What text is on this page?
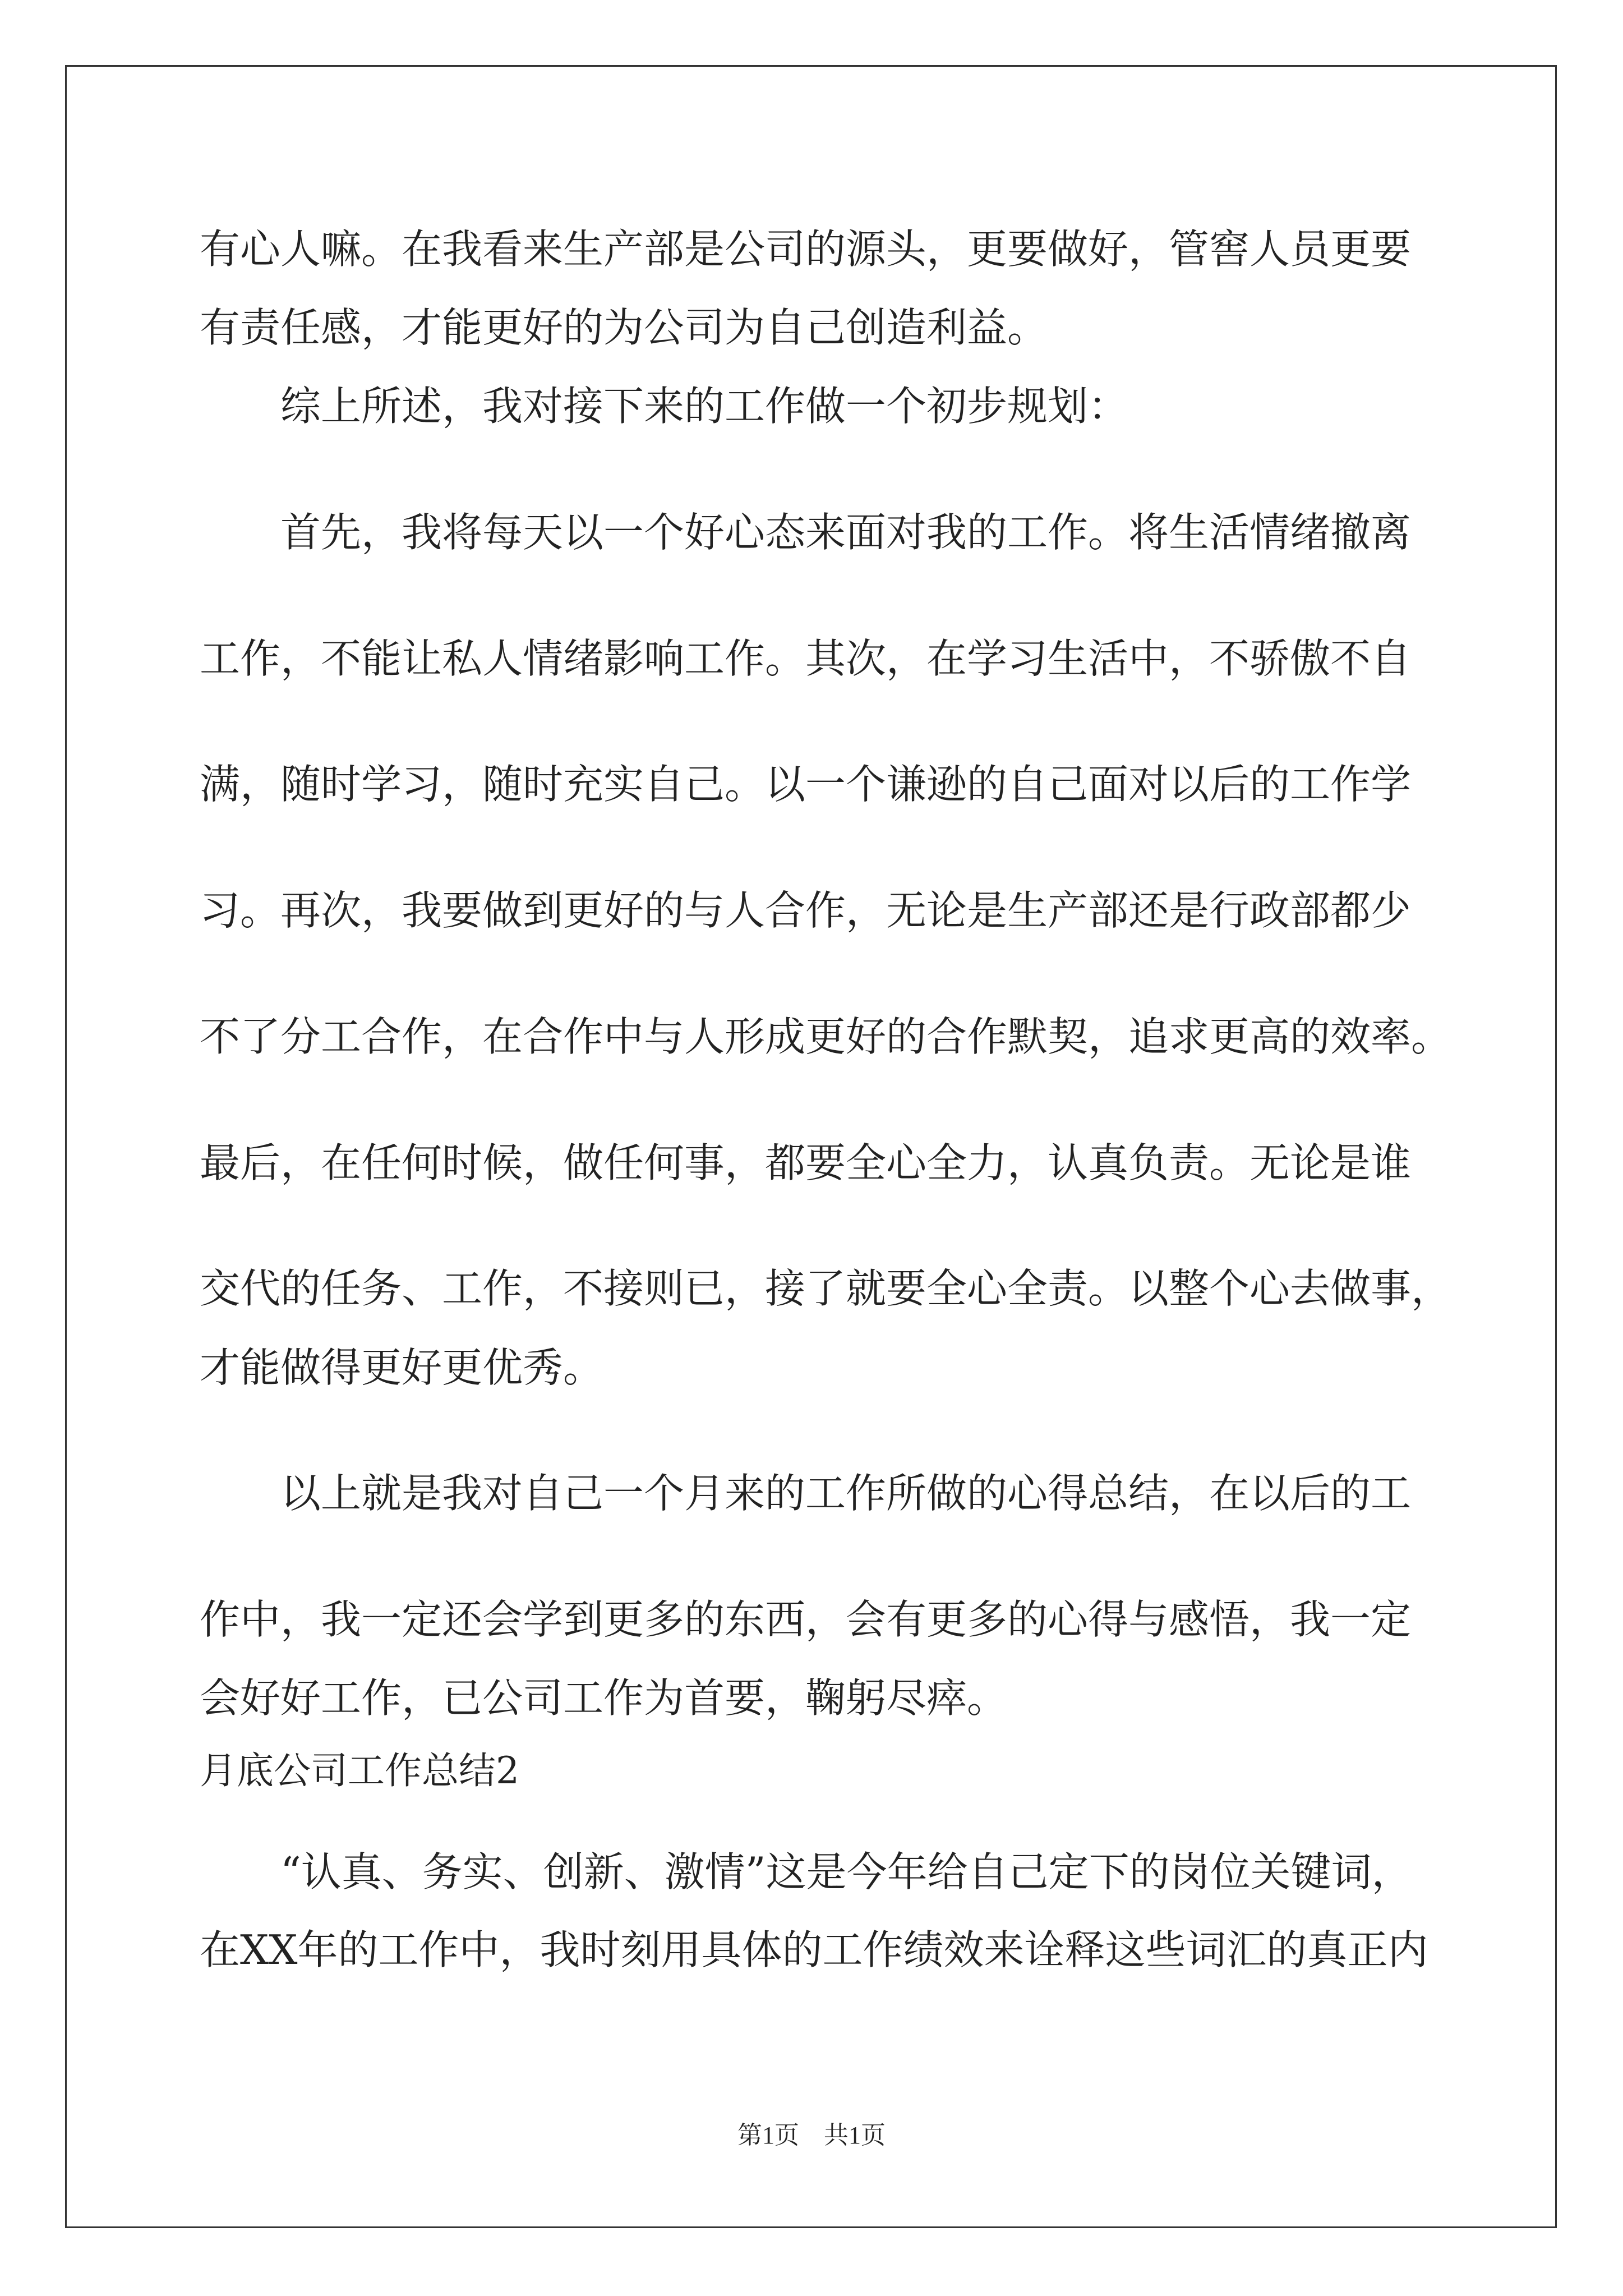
有心人嘛。在我看来生产部是公司的源头，更要做好，管窖人员更要
有责任感，才能更好的为公司为自己创造利益。
综上所述，我对接下来的工作做一个初步规划：
首先，我将每天以一个好心态来面对我的工作。将生活情绪撤离
工作，不能让私人情绪影响工作。其次，在学习生活中，不骄傲不自
满，随时学习，随时充实自己。以一个谦逊的自己面对以后的工作学
习。再次，我要做到更好的与人合作，无论是生产部还是行政部都少
不了分工合作，在合作中与人形成更好的合作默契，追求更高的效率。
最后，在任何时候，做任何事，都要全心全力，认真负责。无论是谁
交代的任务、工作，不接则已，接了就要全心全责。以整个心去做事，
才能做得更好更优秀。
以上就是我对自己一个月来的工作所做的心得总结，在以后的工
作中，我一定还会学到更多的东西，会有更多的心得与感悟，我一定
会好好工作，已公司工作为首要，鞠躬尽瘁。
月底公司工作总结2
“认真、务实、创新、激情”这是今年给自己定下的岗位关键词，
在XX年的工作中，我时刻用具体的工作绩效来诠释这些词汇的真正内
第1页　共1页
